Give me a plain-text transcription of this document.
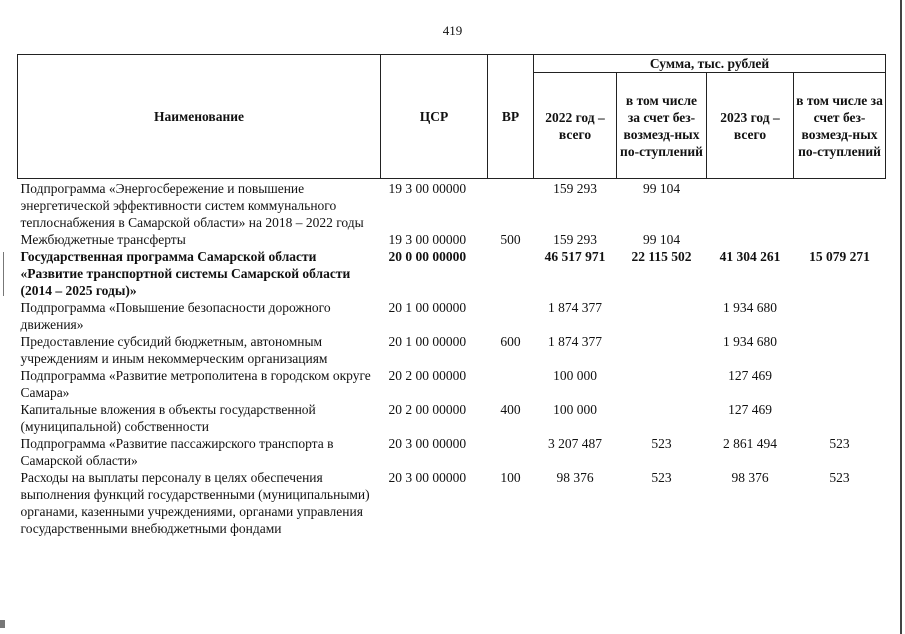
419
Наименование	ЦСР	ВР	Сумма, тыс. рублей			
			2022 год – всего	в том числе за счет без-возмезд-ных по-ступлений	2023 год – всего	в том числе за счет без-возмезд-ных по-ступлений
Подпрограмма «Энергосбережение и повышение энергетической эффективности систем коммунального теплоснабжения в Самарской области» на 2018 – 2022 годы	19 3 00 00000		159 293	99 104		
Межбюджетные трансферты	19 3 00 00000	500	159 293	99 104		
Государственная программа Самарской области «Развитие транспортной системы Самарской области (2014 – 2025 годы)»	20 0 00 00000		46 517 971	22 115 502	41 304 261	15 079 271
Подпрограмма «Повышение безопасности дорожного движения»	20 1 00 00000		1 874 377		1 934 680	
Предоставление субсидий бюджетным, автономным учреждениям и иным некоммерческим организациям	20 1 00 00000	600	1 874 377		1 934 680	
Подпрограмма «Развитие метрополитена в городском округе Самара»	20 2 00 00000		100 000		127 469	
Капитальные вложения в объекты государственной (муниципальной) собственности	20 2 00 00000	400	100 000		127 469	
Подпрограмма «Развитие пассажирского транспорта в Самарской области»	20 3 00 00000		3 207 487	523	2 861 494	523
Расходы на выплаты персоналу в целях обеспечения выполнения функций государственными (муниципальными) органами, казенными учреждениями, органами управления государственными внебюджетными фондами	20 3 00 00000	100	98 376	523	98 376	523
